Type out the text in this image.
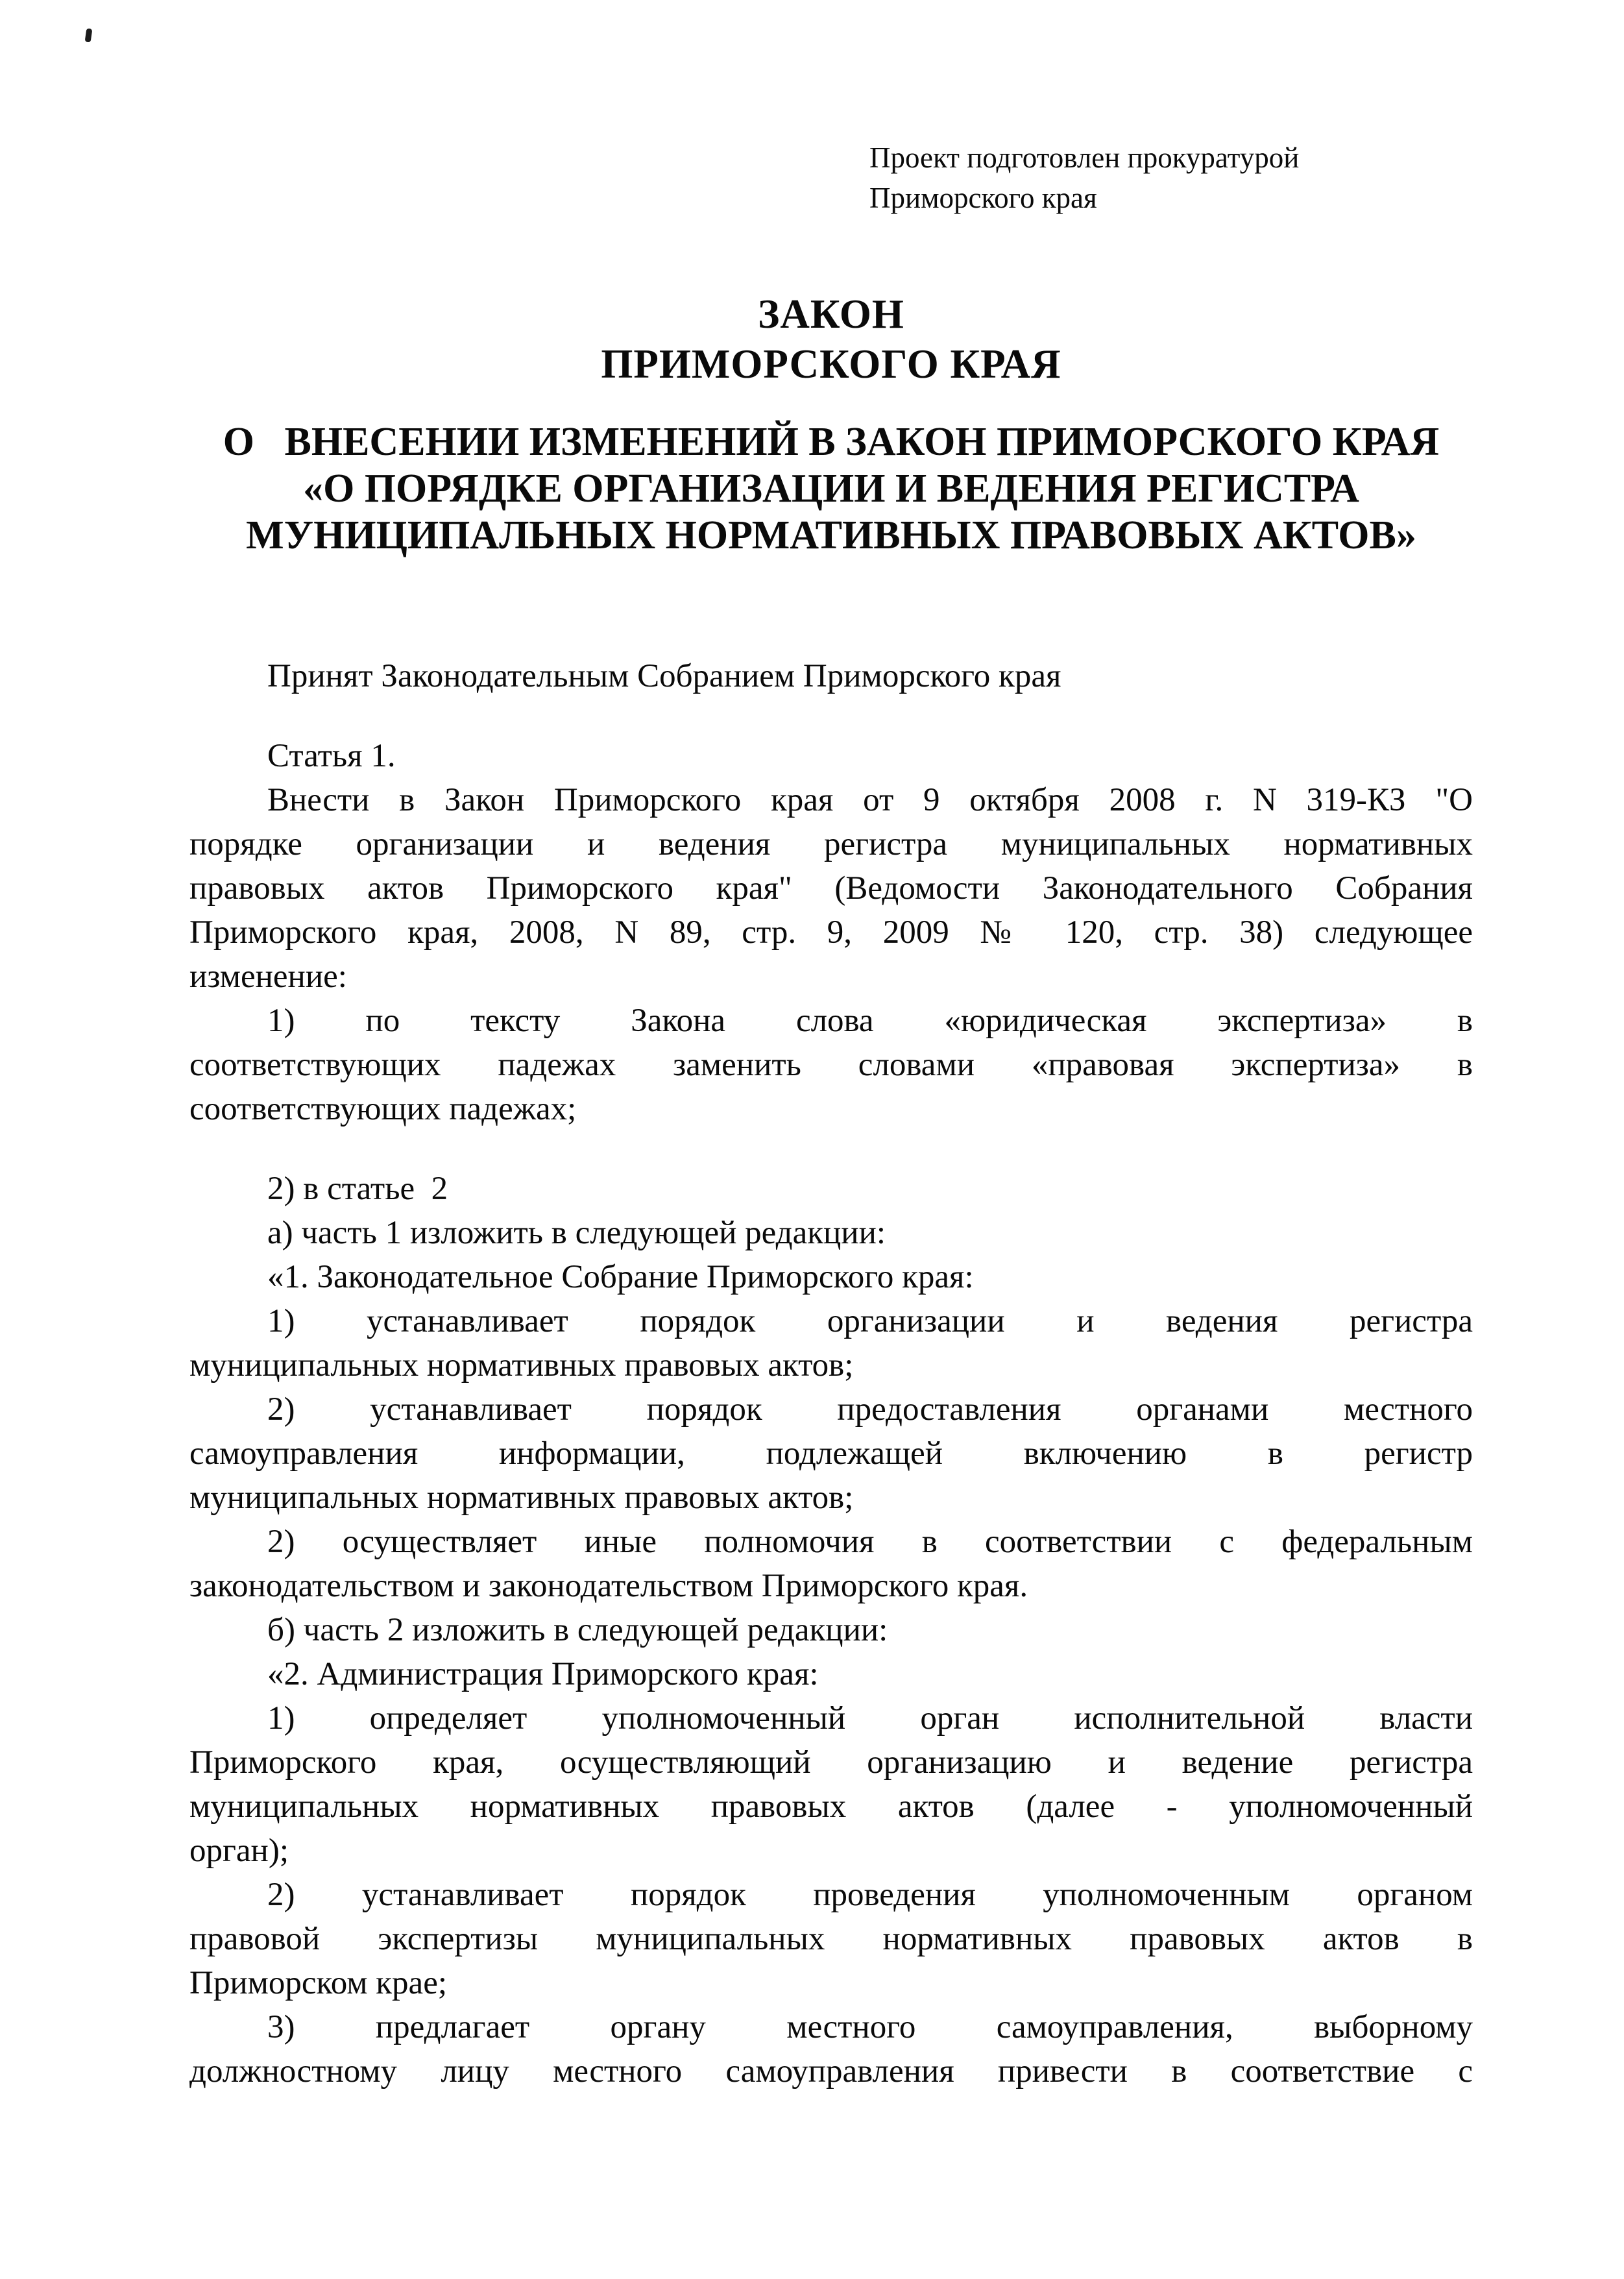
Проект подготовлен прокуратурой
Приморского края
ЗАКОН
ПРИМОРСКОГО КРАЯ
О   ВНЕСЕНИИ ИЗМЕНЕНИЙ В ЗАКОН ПРИМОРСКОГО КРАЯ
«О ПОРЯДКЕ ОРГАНИЗАЦИИ И ВЕДЕНИЯ РЕГИСТРА
МУНИЦИПАЛЬНЫХ НОРМАТИВНЫХ ПРАВОВЫХ АКТОВ»
Принят Законодательным Собранием Приморского края
Статья 1.
Внести в Закон Приморского края от 9 октября 2008 г. N 319-КЗ "О
порядке организации и ведения регистра муниципальных нормативных
правовых актов Приморского края" (Ведомости Законодательного Собрания
Приморского края, 2008, N 89, стр. 9, 2009 № 120, стр. 38) следующее
изменение:
1) по тексту Закона слова «юридическая экспертиза» в
соответствующих падежах заменить словами «правовая экспертиза» в
соответствующих падежах;
2) в статье  2
а) часть 1 изложить в следующей редакции:
«1. Законодательное Собрание Приморского края:
1) устанавливает порядок организации и ведения регистра
муниципальных нормативных правовых актов;
2) устанавливает порядок предоставления органами местного
самоуправления информации, подлежащей включению в регистр
муниципальных нормативных правовых актов;
2) осуществляет иные полномочия в соответствии с федеральным
законодательством и законодательством Приморского края.
б) часть 2 изложить в следующей редакции:
«2. Администрация Приморского края:
1) определяет уполномоченный орган исполнительной власти
Приморского края, осуществляющий организацию и ведение регистра
муниципальных нормативных правовых актов (далее - уполномоченный
орган);
2) устанавливает порядок проведения уполномоченным органом
правовой экспертизы муниципальных нормативных правовых актов в
Приморском крае;
3) предлагает органу местного самоуправления, выборному
должностному лицу местного самоуправления привести в соответствие с
